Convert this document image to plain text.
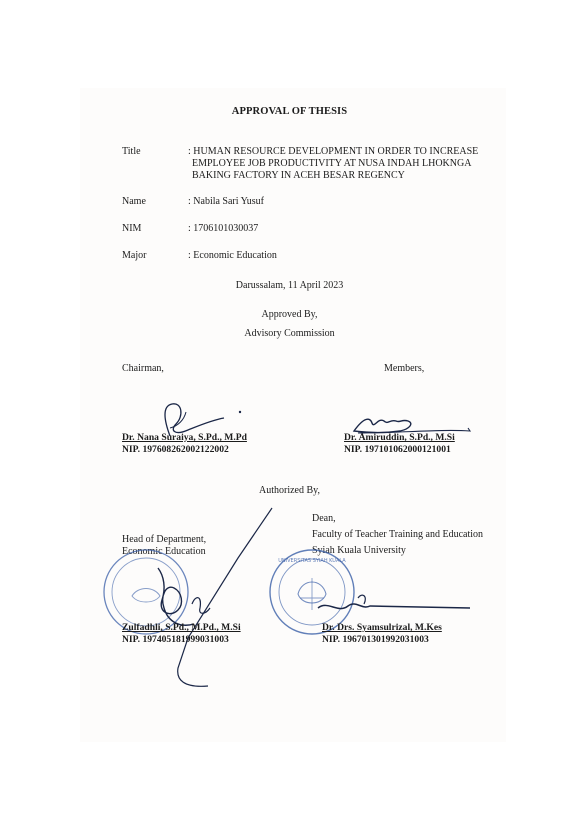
APPROVAL OF THESIS
Title	: HUMAN RESOURCE DEVELOPMENT IN ORDER TO INCREASE
EMPLOYEE JOB PRODUCTIVITY AT NUSA INDAH LHOKNGA
BAKING FACTORY IN ACEH BESAR REGENCY
Name	: Nabila Sari Yusuf
NIM	: 1706101030037
Major	: Economic Education
Darussalam, 11 April 2023
Approved By,
Advisory Commission
Chairman,	Members,
Dr. Nana Suraiya, S.Pd., M.Pd
NIP. 197608262002122002
Dr. Amiruddin, S.Pd., M.Si
NIP. 197101062000121001
Authorized By,
Head of Department,
Economic Education
Zulfadhli, S.Pd., M.Pd., M.Si
NIP. 197405181999031003
Dean,
Faculty of Teacher Training and Education
Syiah Kuala University
UNIVERSITAS SYIAH KUALA
Dr. Drs. Syamsulrizal, M.Kes
NIP. 196701301992031003
